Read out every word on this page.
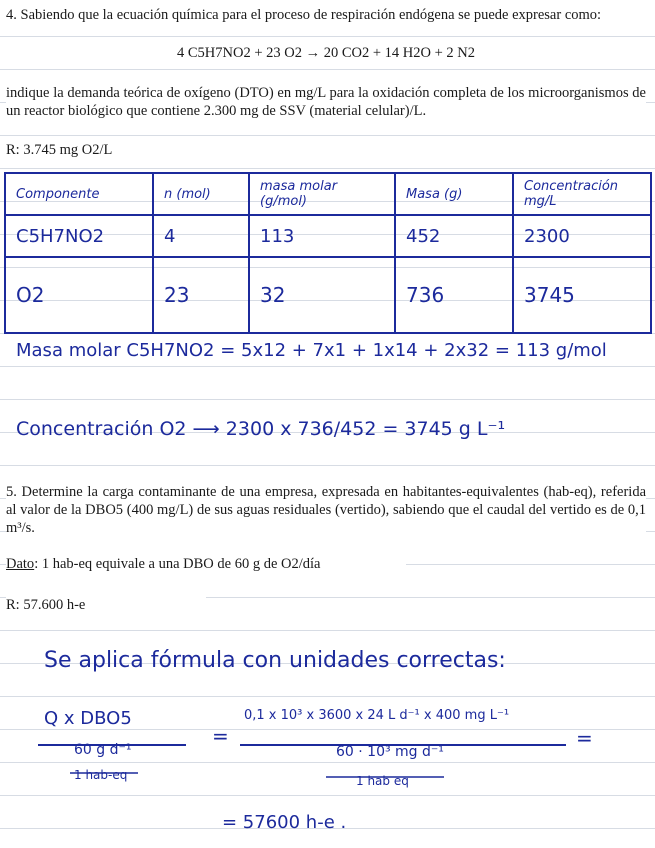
4. Sabiendo que la ecuación química para el proceso de respiración endógena se puede expresar como:
4 C5H7NO2 + 23 O2 → 20 CO2 + 14 H2O + 2 N2
indique la demanda teórica de oxígeno (DTO) en mg/L para la oxidación completa de los microorganismos de un reactor biológico que contiene 2.300 mg de SSV (material celular)/L.
R: 3.745 mg O2/L
Componente	n (mol)	masa molar (g/mol)	Masa (g)	Concentración mg/L
C5H7NO2	4	113	452	2300
O2	23	32	736	3745
Masa molar C5H7NO2 = 5x12 + 7x1 + 1x14 + 2x32 = 113 g/mol
Concentración O2 ⟶ 2300 x 736/452 = 3745 g L⁻¹
5. Determine la carga contaminante de una empresa, expresada en habitantes-equivalentes (hab-eq), referida al valor de la DBO5 (400 mg/L) de sus aguas residuales (vertido), sabiendo que el caudal del vertido es de 0,1 m³/s.
Dato: 1 hab-eq equivale a una DBO de 60 g de O2/día
R: 57.600 h-e
Se aplica fórmula con unidades correctas:
Q x DBO5
60 g d⁻¹
1 hab-eq
=
0,1 x 10³ x 3600 x 24 L d⁻¹ x 400 mg L⁻¹
60 · 10³ mg d⁻¹
1 hab eq
=
= 57600 h-e .
